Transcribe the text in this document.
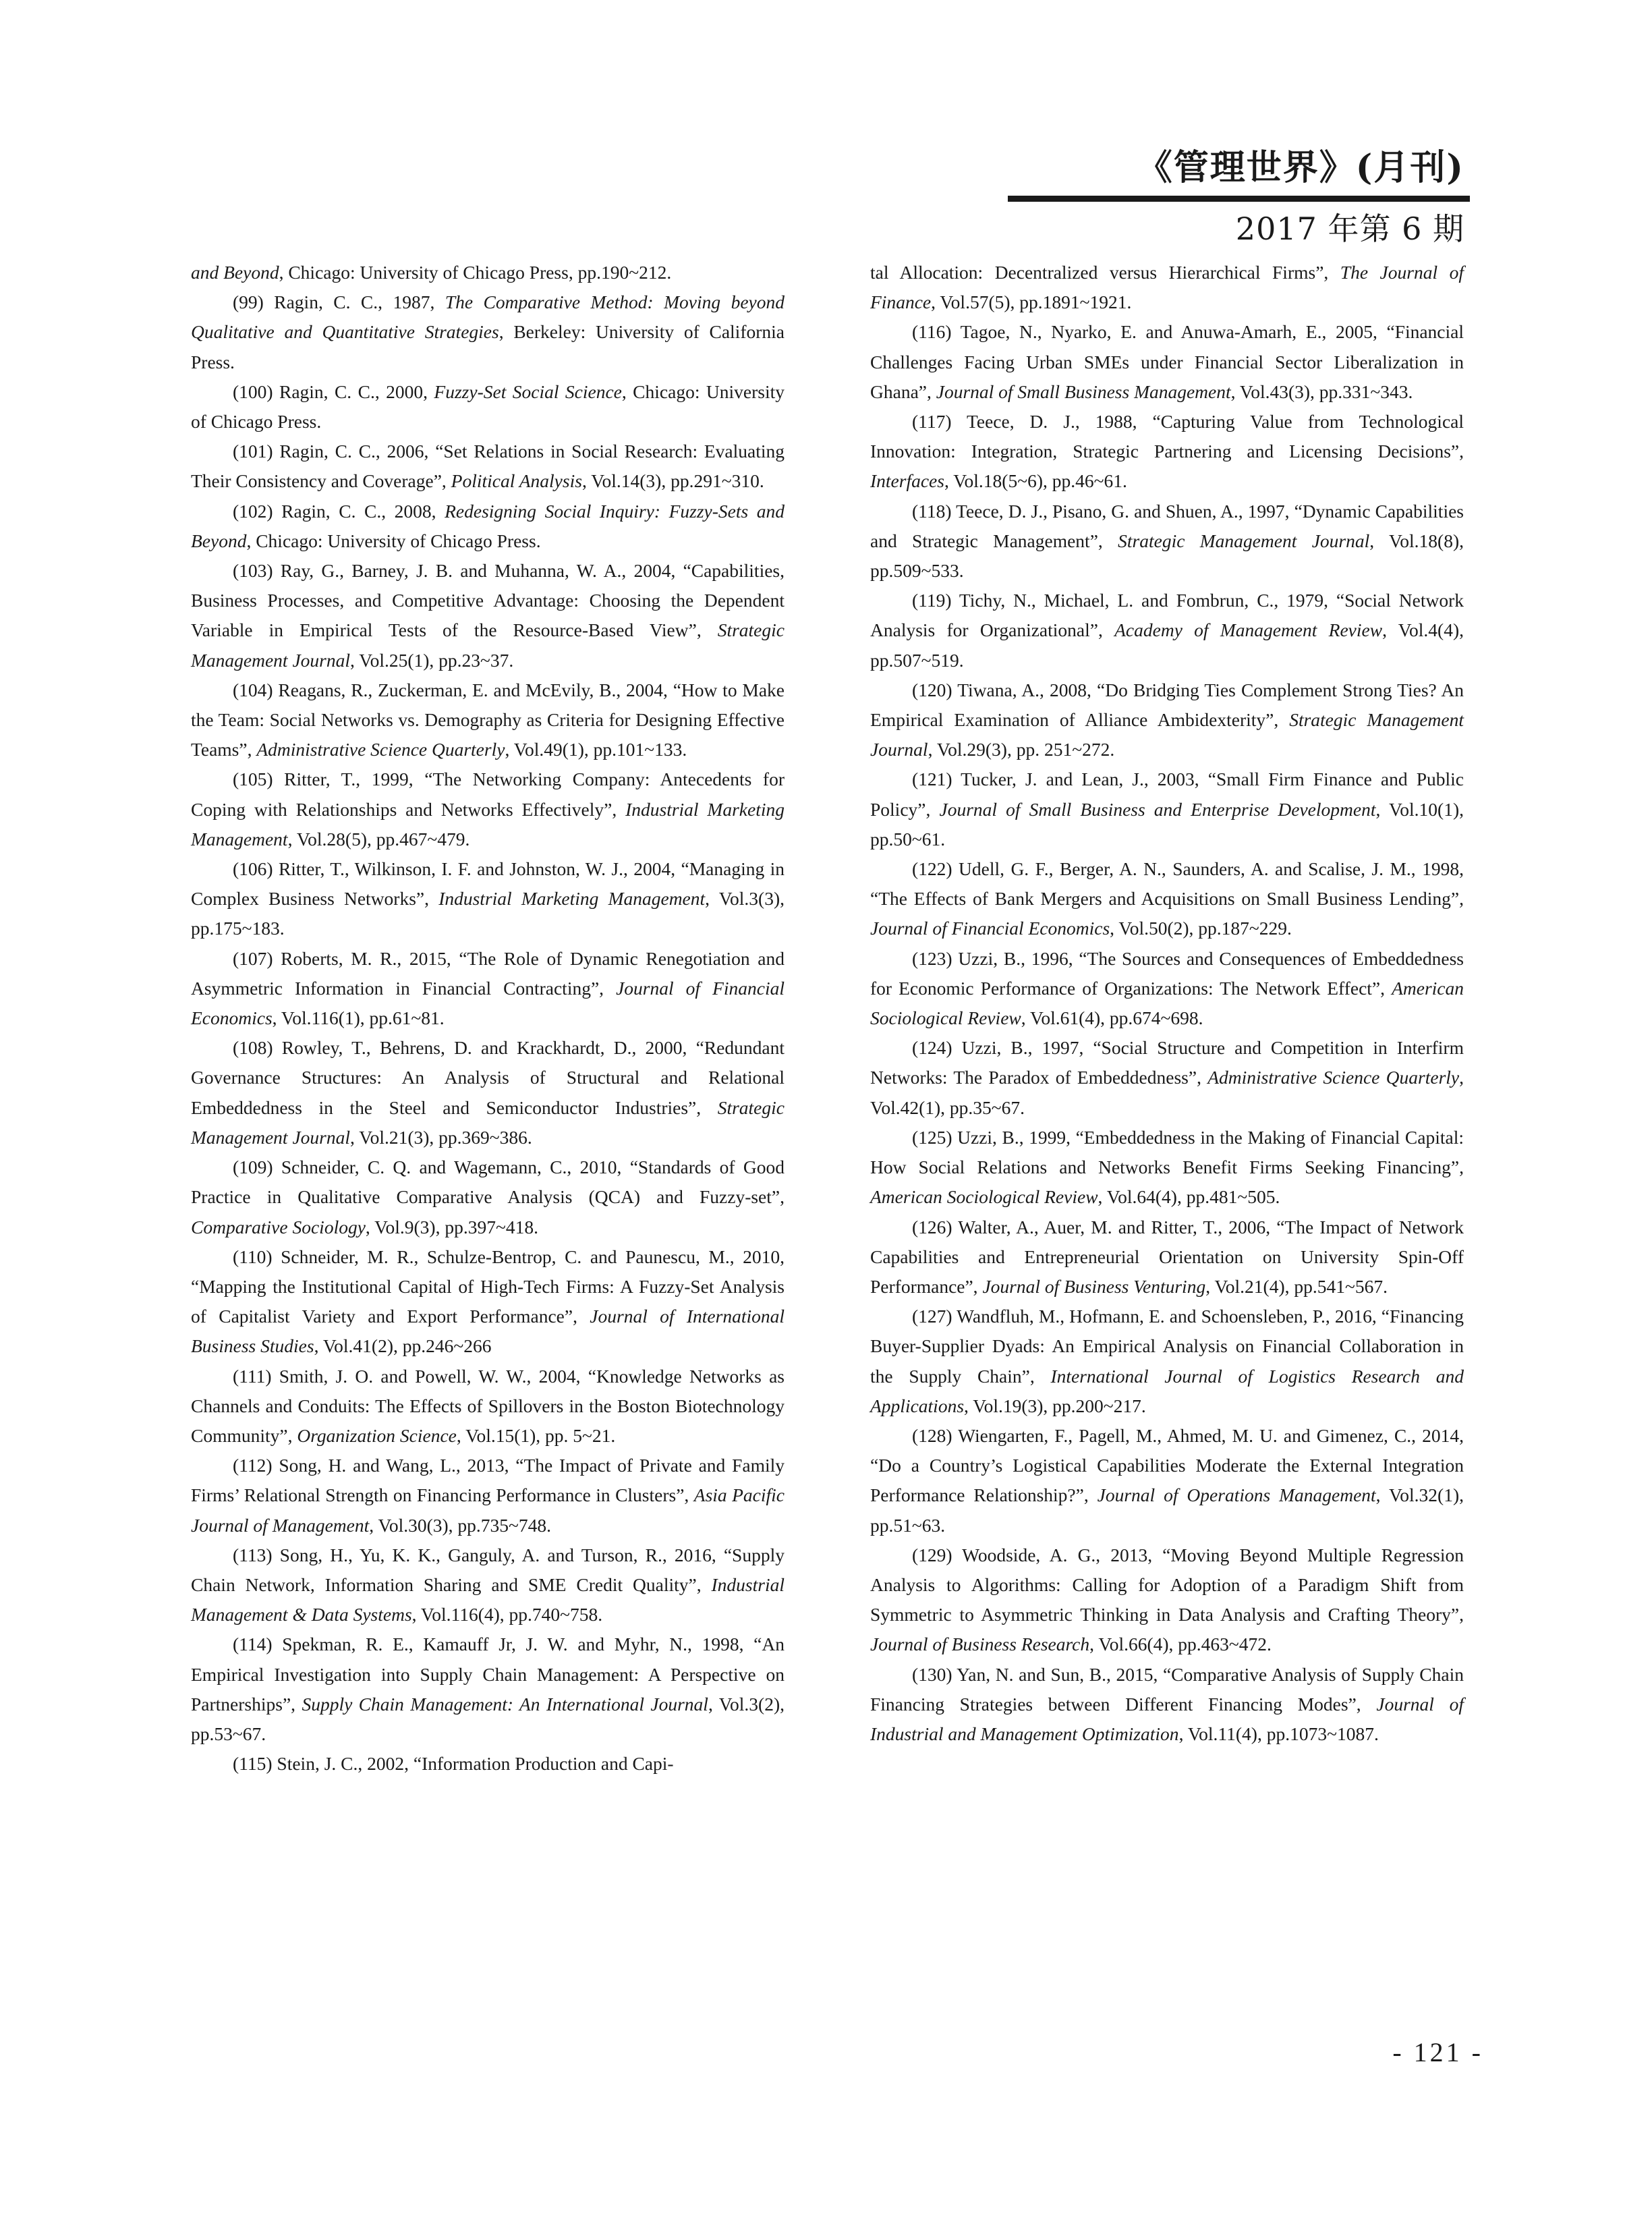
《管理世界》(月刊)
2017 年第 6 期

and Beyond, Chicago: University of Chicago Press, pp.190~212.

(99) Ragin, C. C., 1987, The Comparative Method: Moving beyond Qualitative and Quantitative Strategies, Berkeley: University of California Press.

(100) Ragin, C. C., 2000, Fuzzy-Set Social Science, Chicago: University of Chicago Press.

(101) Ragin, C. C., 2006, “Set Relations in Social Research: Evaluating Their Consistency and Coverage”, Political Analysis, Vol.14(3), pp.291~310.

(102) Ragin, C. C., 2008, Redesigning Social Inquiry: Fuzzy-Sets and Beyond, Chicago: University of Chicago Press.

(103) Ray, G., Barney, J. B. and Muhanna, W. A., 2004, “Capabilities, Business Processes, and Competitive Advantage: Choosing the Dependent Variable in Empirical Tests of the Resource-Based View”, Strategic Management Journal, Vol.25(1), pp.23~37.

(104) Reagans, R., Zuckerman, E. and McEvily, B., 2004, “How to Make the Team: Social Networks vs. Demography as Criteria for Designing Effective Teams”, Administrative Science Quarterly, Vol.49(1), pp.101~133.

(105) Ritter, T., 1999, “The Networking Company: Antecedents for Coping with Relationships and Networks Effectively”, Industrial Marketing Management, Vol.28(5), pp.467~479.

(106) Ritter, T., Wilkinson, I. F. and Johnston, W. J., 2004, “Managing in Complex Business Networks”, Industrial Marketing Management, Vol.3(3), pp.175~183.

(107) Roberts, M. R., 2015, “The Role of Dynamic Renegotiation and Asymmetric Information in Financial Contracting”, Journal of Financial Economics, Vol.116(1), pp.61~81.

(108) Rowley, T., Behrens, D. and Krackhardt, D., 2000, “Redundant Governance Structures: An Analysis of Structural and Relational Embeddedness in the Steel and Semiconductor Industries”, Strategic Management Journal, Vol.21(3), pp.369~386.

(109) Schneider, C. Q. and Wagemann, C., 2010, “Standards of Good Practice in Qualitative Comparative Analysis (QCA) and Fuzzy-set”, Comparative Sociology, Vol.9(3), pp.397~418.

(110) Schneider, M. R., Schulze-Bentrop, C. and Paunescu, M., 2010, “Mapping the Institutional Capital of High-Tech Firms: A Fuzzy-Set Analysis of Capitalist Variety and Export Performance”, Journal of International Business Studies, Vol.41(2), pp.246~266

(111) Smith, J. O. and Powell, W. W., 2004, “Knowledge Networks as Channels and Conduits: The Effects of Spillovers in the Boston Biotechnology Community”, Organization Science, Vol.15(1), pp. 5~21.

(112) Song, H. and Wang, L., 2013, “The Impact of Private and Family Firms’ Relational Strength on Financing Performance in Clusters”, Asia Pacific Journal of Management, Vol.30(3), pp.735~748.

(113) Song, H., Yu, K. K., Ganguly, A. and Turson, R., 2016, “Supply Chain Network, Information Sharing and SME Credit Quality”, Industrial Management & Data Systems, Vol.116(4), pp.740~758.

(114) Spekman, R. E., Kamauff Jr, J. W. and Myhr, N., 1998, “An Empirical Investigation into Supply Chain Management: A Perspective on Partnerships”, Supply Chain Management: An International Journal, Vol.3(2), pp.53~67.

(115) Stein, J. C., 2002, “Information Production and Capi-

tal Allocation: Decentralized versus Hierarchical Firms”, The Journal of Finance, Vol.57(5), pp.1891~1921.

(116) Tagoe, N., Nyarko, E. and Anuwa-Amarh, E., 2005, “Financial Challenges Facing Urban SMEs under Financial Sector Liberalization in Ghana”, Journal of Small Business Management, Vol.43(3), pp.331~343.

(117) Teece, D. J., 1988, “Capturing Value from Technological Innovation: Integration, Strategic Partnering and Licensing Decisions”, Interfaces, Vol.18(5~6), pp.46~61.

(118) Teece, D. J., Pisano, G. and Shuen, A., 1997, “Dynamic Capabilities and Strategic Management”, Strategic Management Journal, Vol.18(8), pp.509~533.

(119) Tichy, N., Michael, L. and Fombrun, C., 1979, “Social Network Analysis for Organizational”, Academy of Management Review, Vol.4(4), pp.507~519.

(120) Tiwana, A., 2008, “Do Bridging Ties Complement Strong Ties? An Empirical Examination of Alliance Ambidexterity”, Strategic Management Journal, Vol.29(3), pp. 251~272.

(121) Tucker, J. and Lean, J., 2003, “Small Firm Finance and Public Policy”, Journal of Small Business and Enterprise Development, Vol.10(1), pp.50~61.

(122) Udell, G. F., Berger, A. N., Saunders, A. and Scalise, J. M., 1998, “The Effects of Bank Mergers and Acquisitions on Small Business Lending”, Journal of Financial Economics, Vol.50(2), pp.187~229.

(123) Uzzi, B., 1996, “The Sources and Consequences of Embeddedness for Economic Performance of Organizations: The Network Effect”, American Sociological Review, Vol.61(4), pp.674~698.

(124) Uzzi, B., 1997, “Social Structure and Competition in Interfirm Networks: The Paradox of Embeddedness”, Administrative Science Quarterly, Vol.42(1), pp.35~67.

(125) Uzzi, B., 1999, “Embeddedness in the Making of Financial Capital: How Social Relations and Networks Benefit Firms Seeking Financing”, American Sociological Review, Vol.64(4), pp.481~505.

(126) Walter, A., Auer, M. and Ritter, T., 2006, “The Impact of Network Capabilities and Entrepreneurial Orientation on University Spin-Off Performance”, Journal of Business Venturing, Vol.21(4), pp.541~567.

(127) Wandfluh, M., Hofmann, E. and Schoensleben, P., 2016, “Financing Buyer-Supplier Dyads: An Empirical Analysis on Financial Collaboration in the Supply Chain”, International Journal of Logistics Research and Applications, Vol.19(3), pp.200~217.

(128) Wiengarten, F., Pagell, M., Ahmed, M. U. and Gimenez, C., 2014, “Do a Country’s Logistical Capabilities Moderate the External Integration Performance Relationship?”, Journal of Operations Management, Vol.32(1), pp.51~63.

(129) Woodside, A. G., 2013, “Moving Beyond Multiple Regression Analysis to Algorithms: Calling for Adoption of a Paradigm Shift from Symmetric to Asymmetric Thinking in Data Analysis and Crafting Theory”, Journal of Business Research, Vol.66(4), pp.463~472.

(130) Yan, N. and Sun, B., 2015, “Comparative Analysis of Supply Chain Financing Strategies between Different Financing Modes”, Journal of Industrial and Management Optimization, Vol.11(4), pp.1073~1087.

- 121 -
